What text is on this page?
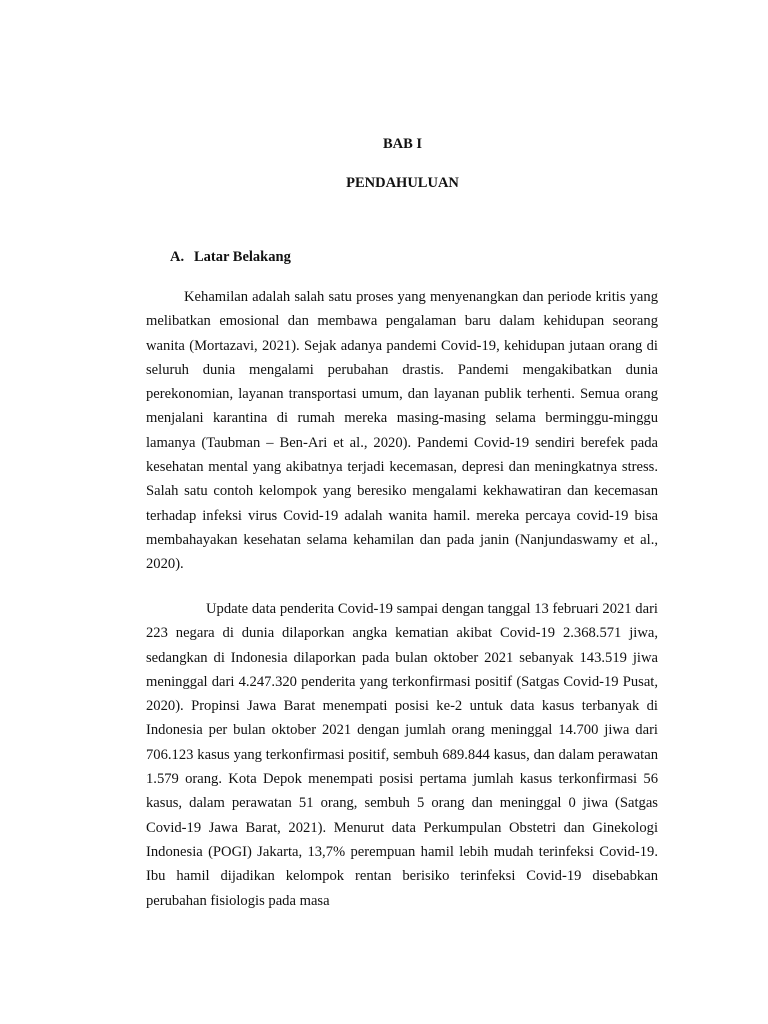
BAB I
PENDAHULUAN
A. Latar Belakang

Kehamilan adalah salah satu proses yang menyenangkan dan periode kritis yang melibatkan emosional dan membawa pengalaman baru dalam kehidupan seorang wanita (Mortazavi, 2021). Sejak adanya pandemi Covid-19, kehidupan jutaan orang di seluruh dunia mengalami perubahan drastis. Pandemi mengakibatkan dunia perekonomian, layanan transportasi umum, dan layanan publik terhenti. Semua orang menjalani karantina di rumah mereka masing-masing selama berminggu-minggu lamanya (Taubman – Ben-Ari et al., 2020). Pandemi Covid-19 sendiri berefek pada kesehatan mental yang akibatnya terjadi kecemasan, depresi dan meningkatnya stress. Salah satu contoh kelompok yang beresiko mengalami kekhawatiran dan kecemasan terhadap infeksi virus Covid-19 adalah wanita hamil. mereka percaya covid-19 bisa membahayakan kesehatan selama kehamilan dan pada janin (Nanjundaswamy et al., 2020).

Update data penderita Covid-19 sampai dengan tanggal 13 februari 2021 dari 223 negara di dunia dilaporkan angka kematian akibat Covid-19 2.368.571 jiwa, sedangkan di Indonesia dilaporkan pada bulan oktober 2021 sebanyak 143.519 jiwa meninggal dari 4.247.320 penderita yang terkonfirmasi positif (Satgas Covid-19 Pusat, 2020). Propinsi Jawa Barat menempati posisi ke-2 untuk data kasus terbanyak di Indonesia per bulan oktober 2021 dengan jumlah orang meninggal 14.700 jiwa dari 706.123 kasus yang terkonfirmasi positif, sembuh 689.844 kasus, dan dalam perawatan 1.579 orang. Kota Depok menempati posisi pertama jumlah kasus terkonfirmasi 56 kasus, dalam perawatan 51 orang, sembuh 5 orang dan meninggal 0 jiwa (Satgas Covid-19 Jawa Barat, 2021). Menurut data Perkumpulan Obstetri dan Ginekologi Indonesia (POGI) Jakarta, 13,7% perempuan hamil lebih mudah terinfeksi Covid-19. Ibu hamil dijadikan kelompok rentan berisiko terinfeksi Covid-19 disebabkan perubahan fisiologis pada masa
